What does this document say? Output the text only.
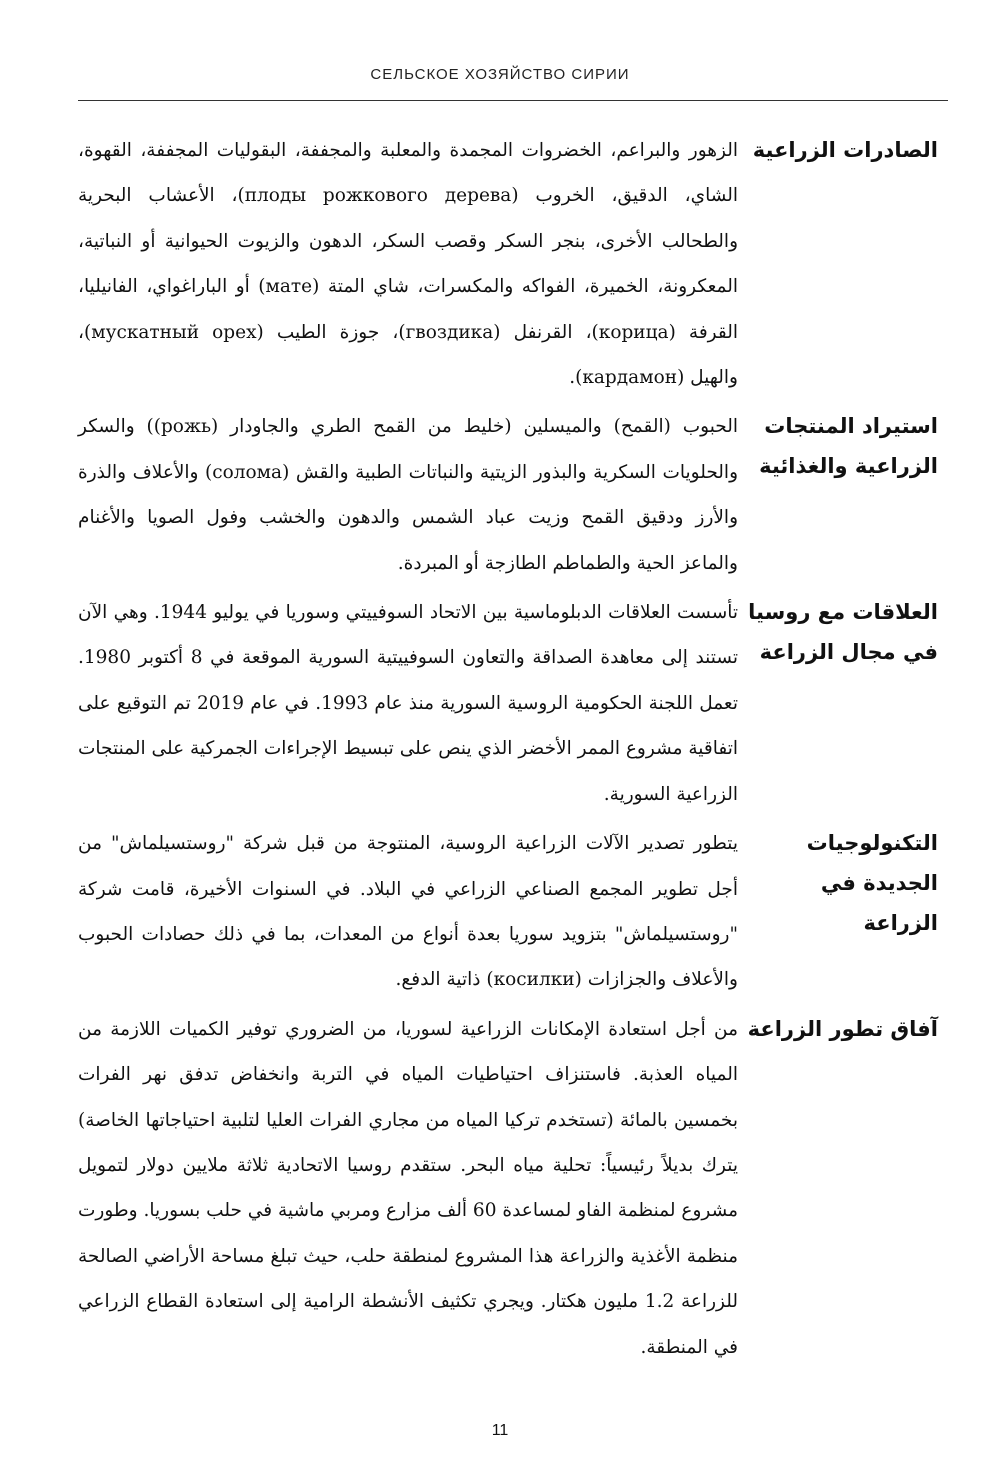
СЕЛЬСКОЕ ХОЗЯЙСТВО СИРИИ
الصادرات الزراعية
الزهور والبراعم، الخضروات المجمدة والمعلبة والمجففة، البقوليات المجففة، القهوة، الشاي، الدقيق، الخروب (плоды рожкового дерева)، الأعشاب البحرية والطحالب الأخرى، بنجر السكر وقصب السكر، الدهون والزيوت الحيوانية أو النباتية، المعكرونة، الخميرة، الفواكه والمكسرات، شاي المتة (мате) أو الباراغواي، الفانيليا، القرفة (корица)، القرنفل (гвоздика)، جوزة الطيب (мускатный орех)، والهيل (кардамон).
استيراد المنتجات الزراعية والغذائية
الحبوب (القمح) والميسلين (خليط من القمح الطري والجاودار (рожь)) والسكر والحلويات السكرية والبذور الزيتية والنباتات الطبية والقش (солома) والأعلاف والذرة والأرز ودقيق القمح وزيت عباد الشمس والدهون والخشب وفول الصويا والأغنام والماعز الحية والطماطم الطازجة أو المبردة.
العلاقات مع روسيا في مجال الزراعة
تأسست العلاقات الدبلوماسية بين الاتحاد السوفييتي وسوريا في يوليو 1944. وهي الآن تستند إلى معاهدة الصداقة والتعاون السوفييتية السورية الموقعة في 8 أكتوبر 1980. تعمل اللجنة الحكومية الروسية السورية منذ عام 1993. في عام 2019 تم التوقيع على اتفاقية مشروع الممر الأخضر الذي ينص على تبسيط الإجراءات الجمركية على المنتجات الزراعية السورية.
التكنولوجيات الجديدة في الزراعة
يتطور تصدير الآلات الزراعية الروسية، المنتوجة من قبل شركة "روستسيلماش" من أجل تطوير المجمع الصناعي الزراعي في البلاد. في السنوات الأخيرة، قامت شركة "روستسيلماش" بتزويد سوريا بعدة أنواع من المعدات، بما في ذلك حصادات الحبوب والأعلاف والجزازات (косилки) ذاتية الدفع.
آفاق تطور الزراعة
من أجل استعادة الإمكانات الزراعية لسوريا، من الضروري توفير الكميات اللازمة من المياه العذبة. فاستنزاف احتياطيات المياه في التربة وانخفاض تدفق نهر الفرات بخمسين بالمائة (تستخدم تركيا المياه من مجاري الفرات العليا لتلبية احتياجاتها الخاصة) يترك بديلاً رئيسياً: تحلية مياه البحر. ستقدم روسيا الاتحادية ثلاثة ملايين دولار لتمويل مشروع لمنظمة الفاو لمساعدة 60 ألف مزارع ومربي ماشية في حلب بسوريا. وطورت منظمة الأغذية والزراعة هذا المشروع لمنطقة حلب، حيث تبلغ مساحة الأراضي الصالحة للزراعة 1.2 مليون هكتار. ويجري تكثيف الأنشطة الرامية إلى استعادة القطاع الزراعي في المنطقة.
11
